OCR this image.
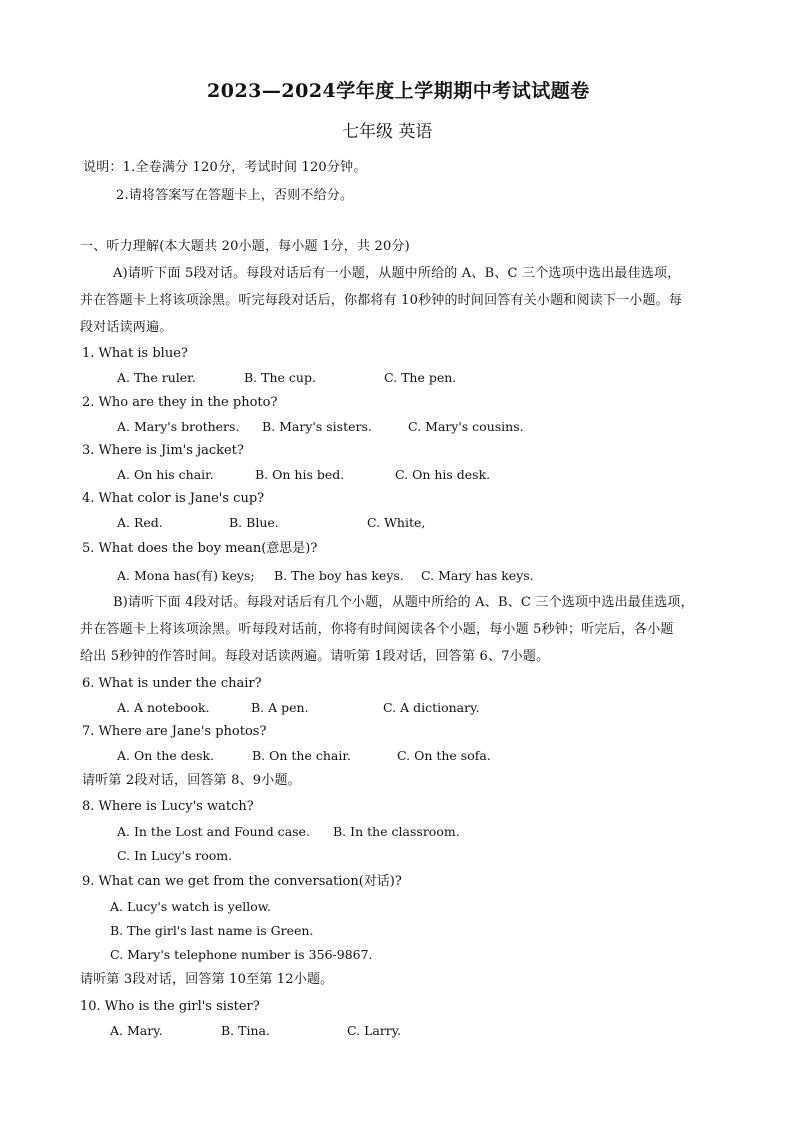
2023—2024学年度上学期期中考试试题卷
七年级 英语
说明：1.全卷满分 120分，考试时间 120分钟。
2.请将答案写在答题卡上，否则不给分。
一、听力理解(本大题共 20小题，每小题 1分，共 20分)
A)请听下面 5段对话。每段对话后有一小题，从题中所给的 A、B、C 三个选项中选出最佳选项，
并在答题卡上将该项涂黑。听完每段对话后，你都将有 10秒钟的时间回答有关小题和阅读下一小题。每
段对话读两遍。
1. What is blue?
A. The ruler.	B. The cup.	C. The pen.
2. Who are they in the photo?
A. Mary's brothers. B. Mary's sisters.	C. Mary's cousins.
3. Where is Jim's jacket?
A. On his chair.	B. On his bed.	C. On his desk.
4. What color is Jane's cup?
A. Red.	B. Blue.	C. White,
5. What does the boy mean(意思是)?
A. Mona has(有) keys; B. The boy has keys. C. Mary has keys.
B)请听下面 4段对话。每段对话后有几个小题，从题中所给的 A、B、C 三个选项中选出最佳选项，
并在答题卡上将该项涂黑。听每段对话前，你将有时间阅读各个小题，每小题 5秒钟；听完后，各小题
给出 5秒钟的作答时间。每段对话读两遍。请听第 1段对话，回答第 6、7小题。
6. What is under the chair?
A. A notebook.	B. A pen.	C. A dictionary.
7. Where are Jane's photos?
A. On the desk.	B. On the chair.	C. On the sofa.
请听第 2段对话，回答第 8、9小题。
8. Where is Lucy's watch?
A. In the Lost and Found case. B. In the classroom.
C. In Lucy's room.
9. What can we get from the conversation(对话)?
A. Lucy's watch is yellow.
B. The girl's last name is Green.
C. Mary's telephone number is 356-9867.
请听第 3段对话，回答第 10至第 12小题。
10. Who is the girl's sister?
A. Mary.	B. Tina.	C. Larry.
